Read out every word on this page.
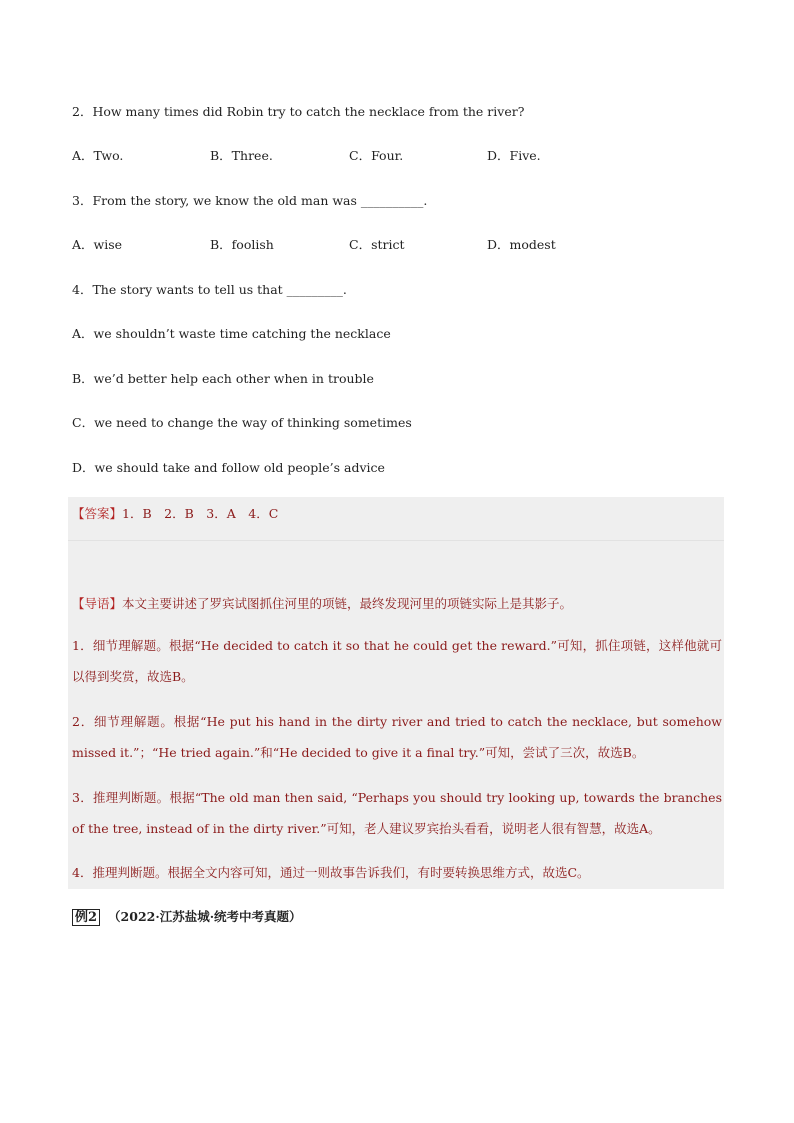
2．How many times did Robin try to catch the necklace from the river?
A．Two.	B．Three.	C．Four.	D．Five.
3．From the story, we know the old man was __________.
A．wise	B．foolish	C．strict	D．modest
4．The story wants to tell us that _________.
A．we shouldn’t waste time catching the necklace
B．we’d better help each other when in trouble
C．we need to change the way of thinking sometimes
D．we should take and follow old people’s advice
【答案】1．B　2．B　3．A　4．C
【导语】本文主要讲述了罗宾试图抓住河里的项链，最终发现河里的项链实际上是其影子。
1．细节理解题。根据“He decided to catch it so that he could get the reward.”可知，抓住项链，这样他就可以得到奖赏，故选B。
2．细节理解题。根据“He put his hand in the dirty river and tried to catch the necklace, but somehow missed it.”；“He tried again.”和“He decided to give it a final try.”可知，尝试了三次，故选B。
3．推理判断题。根据“The old man then said, “Perhaps you should try looking up, towards the branches of the tree, instead of in the dirty river.”可知，老人建议罗宾抬头看看，说明老人很有智慧，故选A。
4．推理判断题。根据全文内容可知，通过一则故事告诉我们，有时要转换思维方式，故选C。
例2 （2022·江苏盐城·统考中考真题）
